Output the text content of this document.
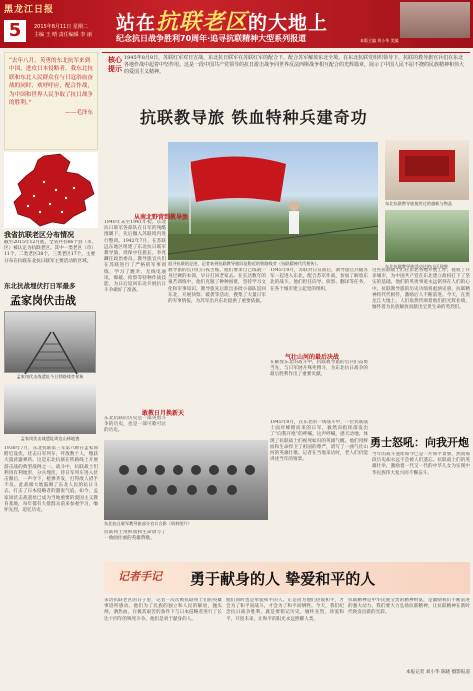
黑龙江日报
5	2015年8月11日 星期二
主编 王 晴 责任编辑 李 丽
站在抗联老区的大地上
纪念抗日战争胜利70周年·追寻抗联精神大型系列报道	本版主编 刘小华 美编
“去年八月，英勇的东北抗军来到中国，进攻日本侵略者，我东北抗联和东北人民群众在与日寇浴血奋战的同时，欢呼呼应，配合作战，为中国和世界人民争取了抗日战争的胜利。”
——毛泽东
我省抗联老区分布情况
截至2015年12月底，全省共有66个县（市、区）被认定为抗联老区。其中一类老区（市）11个，二类老区38个，三类老区17个，主要分布在抗联东北抗日联军主要活动的区域。
东北抗战埋伏打日军最多
孟家岗伏击战
孟家岗伏击战遗址今日铁路线旁景象
孟家岗伏击战遗址周边山林地貌
1938年7月，东北抗联第三军第六师在孟家岗附近设伏，伏击日军列车，歼敌数十人，缴获大量武器弹药。这是东北抗联在铁路线上开展游击战的典型战例之一。战斗中，抗联战士们利用有利地形，分兵埋伏，待日军列车进入伏击圈后，一声令下，枪弹齐发，打得敌人措手不及。此战极大地鼓舞了东北人民的抗日斗志，打击了日本侵略者的嚣张气焰。如今，孟家岗伏击战遗址已成为当地重要的爱国主义教育基地，每年都有大批群众前来参观学习，缅怀先烈，追忆历史。
核心提示
1945年8月8日，苏联红军对日宣战。东北抗日联军在苏联红军的配合下，配合苏军解放东北全境。在东北抗联党组织领导下，抗联的教导旅官兵们在东北各地作战中起着中坚作用。这是一段中国共产党领导的抗日游击战争同世界反法西斯战争相互配合的光辉篇章，展示了中国人民不屈不挠的民族精神和伟大的爱国主义精神。
抗联教导旅 铁血特种兵建奇功
追寻抗联的足迹，记者来到抗联教导旅旧址附近的铁路线旁（抗联精神代代相传）。
东北抗联教导旅使用过的旗帜与物品
东北抗联教导旅活动过的山区现貌
从南北野营到教导旅
1940年末至1941年初，东北抗日联军各部队在日军的残酷围剿下，先后撤入苏联境内进行整训。1942年7月，在苏联远东地区组建了东北抗日联军教导旅，周保中任旅长，李兆麟任政治委员。教导旅官兵们在苏联进行了严格的军事训练，学习了跳伞、无线电通讯、爆破、侦察等特种作战技能，为日后返回东北开展抗日斗争做好了准备。
教导旅的官兵们日夜苦练，他们要求自己练就一身过硬的本领，早日打回老家去。在长达数年的艰苦训练中，他们克服了种种困难，坚持学习文化和军事知识。教导旅先后派出多批小部队返回东北，开展侦察、破袭等活动，搜集了大量日军的军事情报，为苏军出兵东北提供了重要依据。
1945年8月，苏联对日宣战后，教导旅官兵随苏军一起进入东北，配合苏军作战，参加了解放东北的战斗。他们担任向导、侦察、翻译等任务，在各个城市建立起党的组织。
气壮山河的最后决战
在解放东北的战斗中，抗联教导旅的官兵们奋勇当先，与日军展开殊死搏斗，为东北抗日战争的最后胜利作出了重要贡献。
这些抗联战士们在东北各地开展工作，接收了许多城市，为中国共产党在东北建立政权打下了坚实的基础。他们的英勇事迹永远铭刻在人们的心中。抗联教导旅的历史功绩将彪炳史册，抗联精神将代代相传，激励后人不断前进。今天，在黑龙江大地上，人们依然传颂着他们的光辉业绩，缅怀着为民族解放而献出宝贵生命的英烈们。
敢教日月换新天
东北抗联的历史是一部英勇斗争的历史，也是一部可歌可泣的历史。
东北抗日联军教导旅部分官兵合影（资料图片）
抗联将士用鲜血和生命谱写了一曲曲壮丽的英雄赞歌。
勇士怒吼：向我开炮
1945年8月，在东北的一场战斗中，一位抗联战士面对蜂拥而来的日军，毅然向指挥部发出了“向我开炮”的呼喊。这声呼喊，感天动地，体现了抗联战士们视死如归的英雄气概。他们用鲜血和生命捍卫了祖国的尊严，谱写了一曲气壮山河的英雄壮歌。记者在当地采访时，老人们仍能讲述当年的情景。
当年的战斗遗址如今已是一片和平景象，然而那段历史却永远不会被人们遗忘。抗联战士们的英雄壮举，激励着一代又一代的中华儿女为实现中华民族伟大复兴而不懈奋斗。
记者手记 勇于献身的人 挚爱和平的人
采访抗联老区的日子里，记者一次次被抗联将士们的英雄事迹所感动。他们为了民族的独立和人民的解放，抛头颅、洒热血，在极其艰苦的条件下与日本侵略者进行了长达十四年的殊死斗争。他们是勇于献身的人。
他们同时也是挚爱和平的人。正是因为他们热爱和平，才会为了和平而战斗，才会为了和平而牺牲。今天，我们纪念抗日战争胜利，就是要铭记历史，缅怀先烈，珍爱和平，开创未来，让和平的阳光永远照耀人类。
抗联精神是中华民族宝贵的精神财富，是激励我们不断前进的强大动力。我们要大力弘扬抗联精神，让抗联精神在新时代焕发出新的光彩。
本报记者 刘小华 陈晓 摄影报道
